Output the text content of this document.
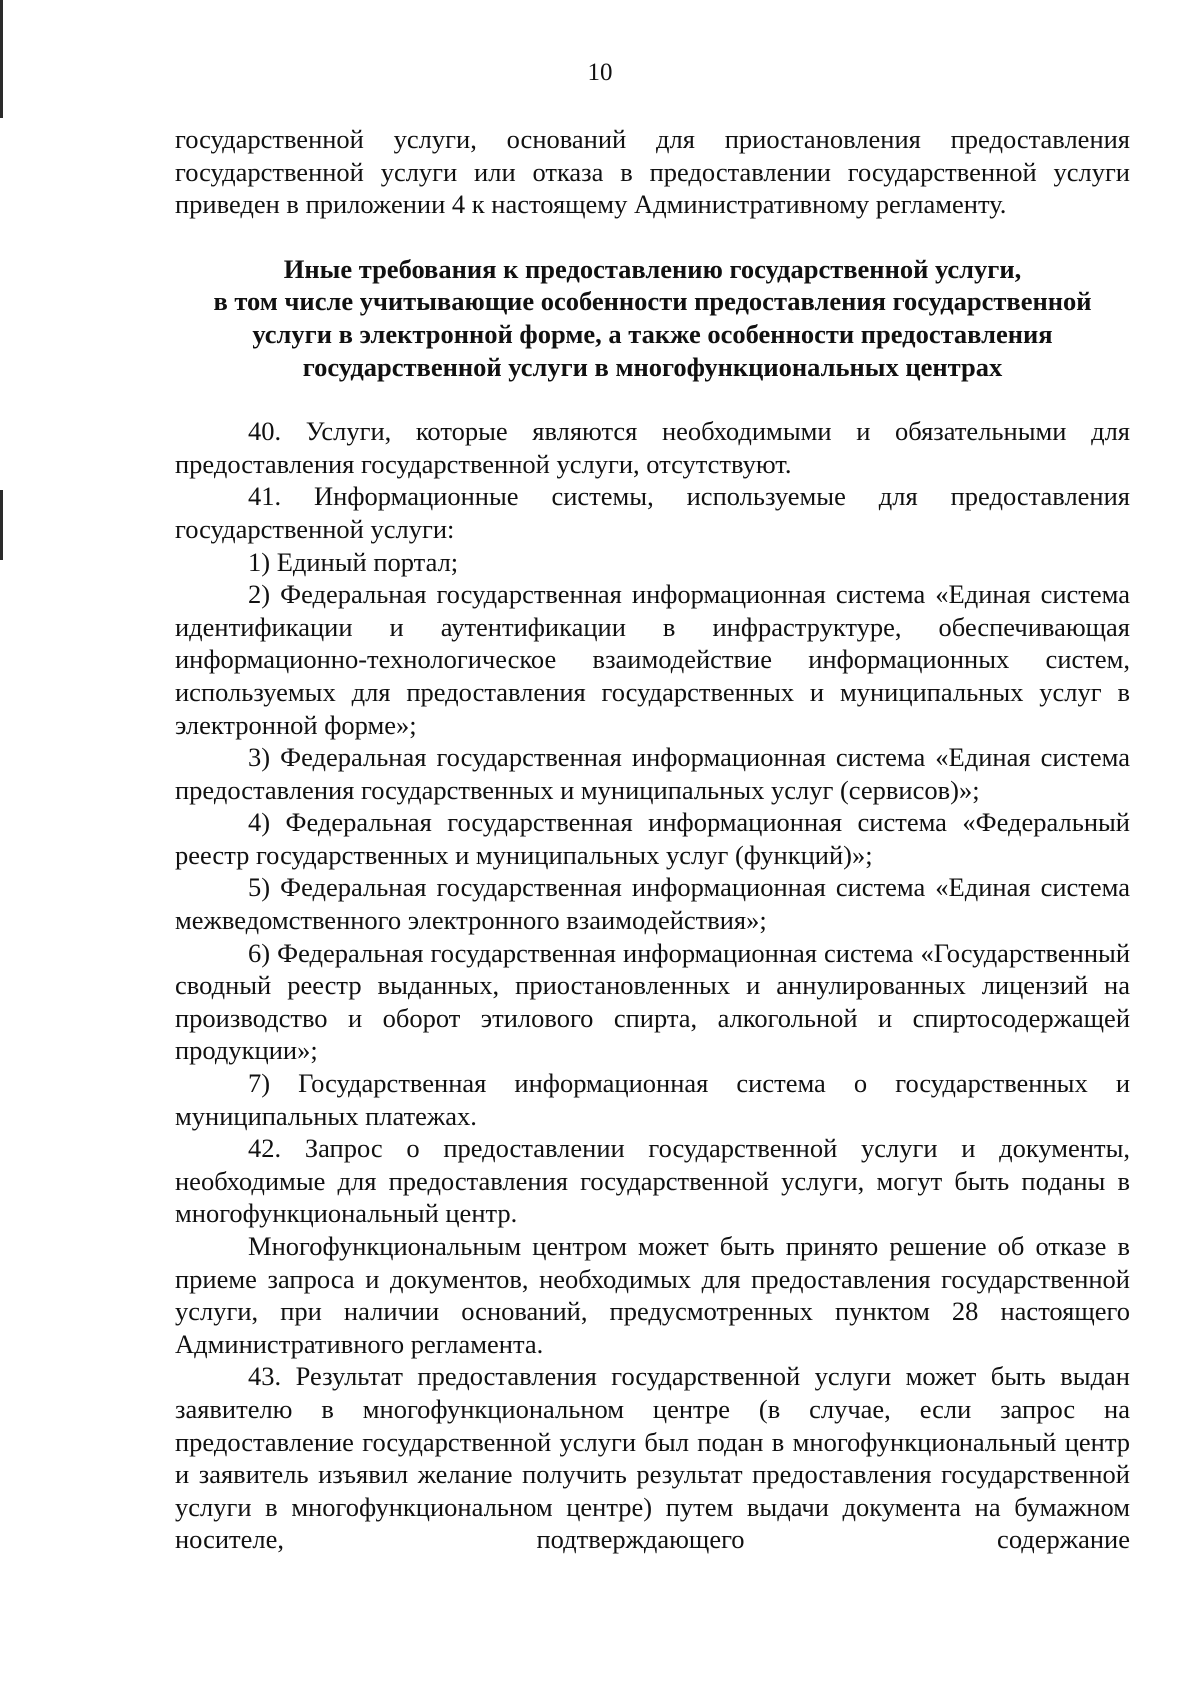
10

государственной услуги, оснований для приостановления предоставления государственной услуги или отказа в предоставлении государственной услуги приведен в приложении 4 к настоящему Административному регламенту.

Иные требования к предоставлению государственной услуги,
в том числе учитывающие особенности предоставления государственной
услуги в электронной форме, а также особенности предоставления
государственной услуги в многофункциональных центрах

40. Услуги, которые являются необходимыми и обязательными для предоставления государственной услуги, отсутствуют.

41. Информационные системы, используемые для предоставления государственной услуги:

1) Единый портал;

2) Федеральная государственная информационная система «Единая система идентификации и аутентификации в инфраструктуре, обеспечивающая информационно-технологическое взаимодействие информационных систем, используемых для предоставления государственных и муниципальных услуг в электронной форме»;

3) Федеральная государственная информационная система «Единая система предоставления государственных и муниципальных услуг (сервисов)»;

4) Федеральная государственная информационная система «Федеральный реестр государственных и муниципальных услуг (функций)»;

5) Федеральная государственная информационная система «Единая система межведомственного электронного взаимодействия»;

6) Федеральная государственная информационная система «Государственный сводный реестр выданных, приостановленных и аннулированных лицензий на производство и оборот этилового спирта, алкогольной и спиртосодержащей продукции»;

7) Государственная информационная система о государственных и муниципальных платежах.

42. Запрос о предоставлении государственной услуги и документы, необходимые для предоставления государственной услуги, могут быть поданы в многофункциональный центр.

Многофункциональным центром может быть принято решение об отказе в приеме запроса и документов, необходимых для предоставления государственной услуги, при наличии оснований, предусмотренных пунктом 28 настоящего Административного регламента.

43. Результат предоставления государственной услуги может быть выдан заявителю в многофункциональном центре (в случае, если запрос на предоставление государственной услуги был подан в многофункциональный центр и заявитель изъявил желание получить результат предоставления государственной услуги в многофункциональном центре) путем выдачи документа на бумажном носителе, подтверждающего содержание
